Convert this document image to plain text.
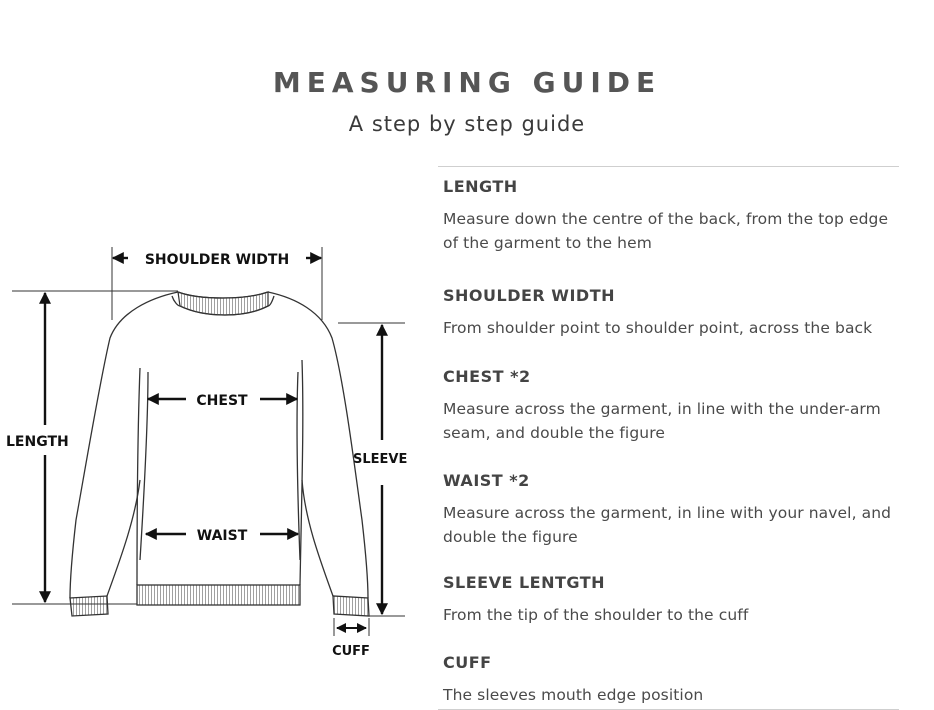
MEASURING GUIDE
A step by step guide
SHOULDER WIDTH
LENGTH
CHEST
WAIST
SLEEVE
CUFF
LENGTH
Measure down the centre of the back, from the top edge of the garment to the hem
SHOULDER WIDTH
From shoulder point to shoulder point, across the back
CHEST *2
Measure across the garment, in line with the under-arm seam, and double the figure
WAIST *2
Measure across the garment, in line with your navel, and double the figure
SLEEVE LENTGTH
From the tip of the shoulder to the cuff
CUFF
The sleeves mouth edge position
